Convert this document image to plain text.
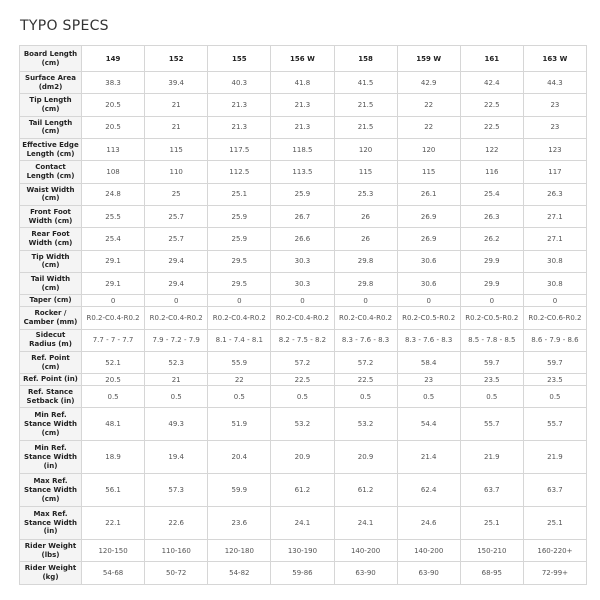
TYPO SPECS
Board Length (cm)	149	152	155	156 W	158	159 W	161	163 W
Surface Area (dm2)	38.3	39.4	40.3	41.8	41.5	42.9	42.4	44.3
Tip Length (cm)	20.5	21	21.3	21.3	21.5	22	22.5	23
Tail Length (cm)	20.5	21	21.3	21.3	21.5	22	22.5	23
Effective Edge Length (cm)	113	115	117.5	118.5	120	120	122	123
Contact Length (cm)	108	110	112.5	113.5	115	115	116	117
Waist Width (cm)	24.8	25	25.1	25.9	25.3	26.1	25.4	26.3
Front Foot Width (cm)	25.5	25.7	25.9	26.7	26	26.9	26.3	27.1
Rear Foot Width (cm)	25.4	25.7	25.9	26.6	26	26.9	26.2	27.1
Tip Width (cm)	29.1	29.4	29.5	30.3	29.8	30.6	29.9	30.8
Tail Width (cm)	29.1	29.4	29.5	30.3	29.8	30.6	29.9	30.8
Taper (cm)	0	0	0	0	0	0	0	0
Rocker / Camber (mm)	R0.2-C0.4-R0.2	R0.2-C0.4-R0.2	R0.2-C0.4-R0.2	R0.2-C0.4-R0.2	R0.2-C0.4-R0.2	R0.2-C0.5-R0.2	R0.2-C0.5-R0.2	R0.2-C0.6-R0.2
Sidecut Radius (m)	7.7 - 7 - 7.7	7.9 - 7.2 - 7.9	8.1 - 7.4 - 8.1	8.2 - 7.5 - 8.2	8.3 - 7.6 - 8.3	8.3 - 7.6 - 8.3	8.5 - 7.8 - 8.5	8.6 - 7.9 - 8.6
Ref. Point (cm)	52.1	52.3	55.9	57.2	57.2	58.4	59.7	59.7
Ref. Point (in)	20.5	21	22	22.5	22.5	23	23.5	23.5
Ref. Stance Setback (in)	0.5	0.5	0.5	0.5	0.5	0.5	0.5	0.5
Min Ref. Stance Width (cm)	48.1	49.3	51.9	53.2	53.2	54.4	55.7	55.7
Min Ref. Stance Width (in)	18.9	19.4	20.4	20.9	20.9	21.4	21.9	21.9
Max Ref. Stance Width (cm)	56.1	57.3	59.9	61.2	61.2	62.4	63.7	63.7
Max Ref. Stance Width (in)	22.1	22.6	23.6	24.1	24.1	24.6	25.1	25.1
Rider Weight (lbs)	120-150	110-160	120-180	130-190	140-200	140-200	150-210	160-220+
Rider Weight (kg)	54-68	50-72	54-82	59-86	63-90	63-90	68-95	72-99+
